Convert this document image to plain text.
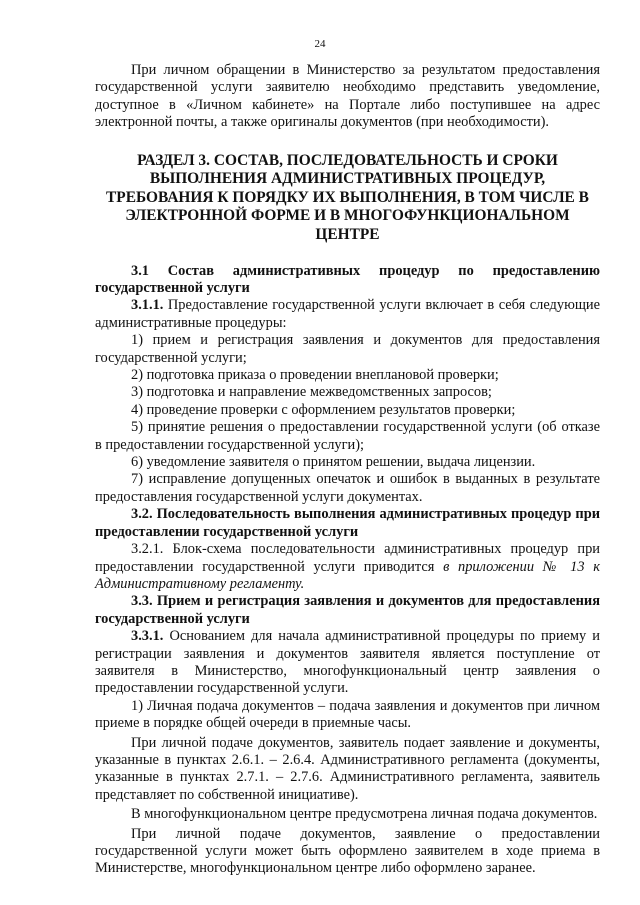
24

При личном обращении в Министерство за результатом предоставления государственной услуги заявителю необходимо представить уведомление, доступное в «Личном кабинете» на Портале либо поступившее на адрес электронной почты, а также оригиналы документов (при необходимости).

РАЗДЕЛ 3. СОСТАВ, ПОСЛЕДОВАТЕЛЬНОСТЬ И СРОКИ ВЫПОЛНЕНИЯ АДМИНИСТРАТИВНЫХ ПРОЦЕДУР, ТРЕБОВАНИЯ К ПОРЯДКУ ИХ ВЫПОЛНЕНИЯ, В ТОМ ЧИСЛЕ В ЭЛЕКТРОННОЙ ФОРМЕ И В МНОГОФУНКЦИОНАЛЬНОМ ЦЕНТРЕ

3.1 Состав административных процедур по предоставлению государственной услуги

3.1.1. Предоставление государственной услуги включает в себя следующие административные процедуры:

1) прием и регистрация заявления и документов для предоставления государственной услуги;

2) подготовка приказа о проведении внеплановой проверки;

3) подготовка и направление межведомственных запросов;

4) проведение проверки с оформлением результатов проверки;

5) принятие решения о предоставлении государственной услуги (об отказе в предоставлении государственной услуги);

6) уведомление заявителя о принятом решении, выдача лицензии.

7) исправление допущенных опечаток и ошибок в выданных в результате предоставления государственной услуги документах.

3.2. Последовательность выполнения административных процедур при предоставлении государственной услуги

3.2.1. Блок-схема последовательности административных процедур при предоставлении государственной услуги приводится в приложении № 13 к Административному регламенту.

3.3. Прием и регистрация заявления и документов для предоставления государственной услуги

3.3.1. Основанием для начала административной процедуры по приему и регистрации заявления и документов заявителя является поступление от заявителя в Министерство, многофункциональный центр заявления о предоставлении государственной услуги.

1) Личная подача документов – подача заявления и документов при личном приеме в порядке общей очереди в приемные часы.

При личной подаче документов, заявитель подает заявление и документы, указанные в пунктах 2.6.1. – 2.6.4. Административного регламента (документы, указанные в пунктах 2.7.1. – 2.7.6. Административного регламента, заявитель представляет по собственной инициативе).

В многофункциональном центре предусмотрена личная подача документов.

При личной подаче документов, заявление о предоставлении государственной услуги может быть оформлено заявителем в ходе приема в Министерстве, многофункциональном центре либо оформлено заранее.
